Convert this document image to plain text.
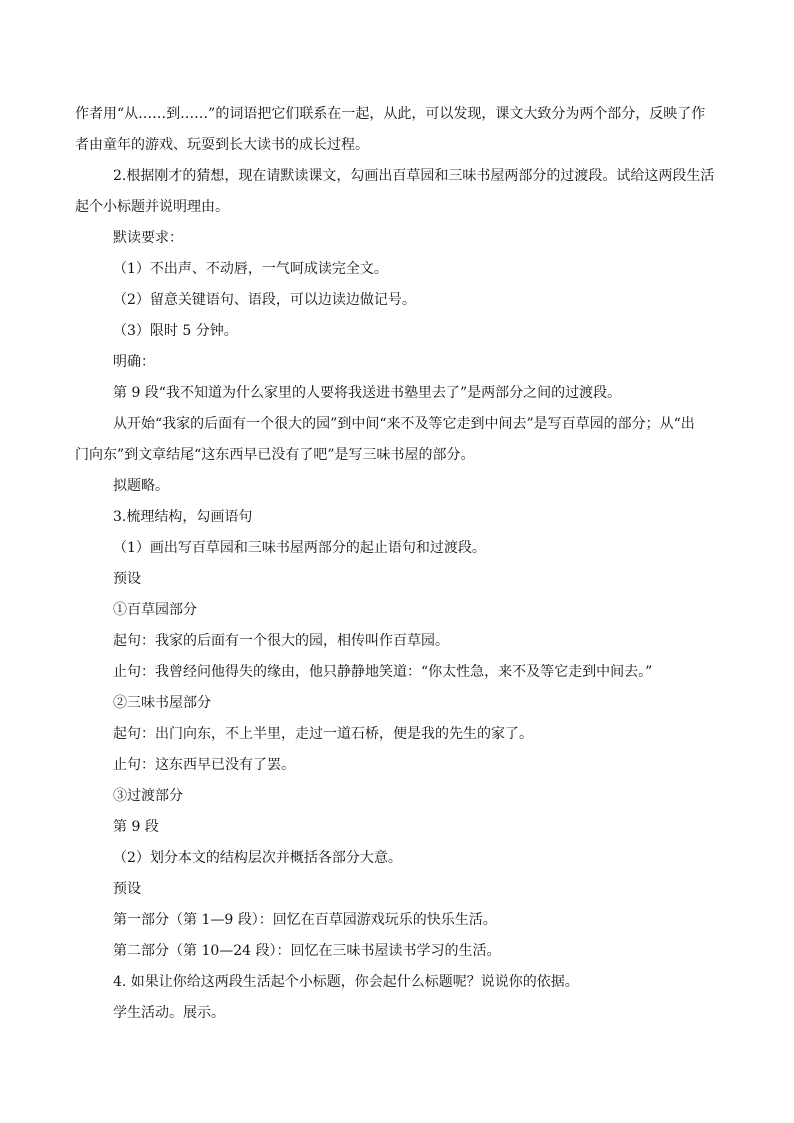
作者用“从……到……”的词语把它们联系在一起，从此，可以发现，课文大致分为两个部分，反映了作
者由童年的游戏、玩耍到长大读书的成长过程。
2.根据刚才的猜想，现在请默读课文，勾画出百草园和三味书屋两部分的过渡段。试给这两段生活
起个小标题并说明理由。
默读要求：
（1）不出声、不动唇，一气呵成读完全文。
（2）留意关键语句、语段，可以边读边做记号。
（3）限时 5 分钟。
明确：
第 9 段“我不知道为什么家里的人要将我送进书塾里去了”是两部分之间的过渡段。
从开始“我家的后面有一个很大的园”到中间“来不及等它走到中间去”是写百草园的部分；从“出
门向东”到文章结尾“这东西早已没有了吧”是写三味书屋的部分。
拟题略。
3.梳理结构，勾画语句
（1）画出写百草园和三味书屋两部分的起止语句和过渡段。
预设
①百草园部分
起句：我家的后面有一个很大的园，相传叫作百草园。
止句：我曾经问他得失的缘由，他只静静地笑道：“你太性急，来不及等它走到中间去。”
②三味书屋部分
起句：出门向东，不上半里，走过一道石桥，便是我的先生的家了。
止句：这东西早已没有了罢。
③过渡部分
第 9 段
（2）划分本文的结构层次并概括各部分大意。
预设
第一部分（第 1—9 段）：回忆在百草园游戏玩乐的快乐生活。
第二部分（第 10—24 段）：回忆在三味书屋读书学习的生活。
4. 如果让你给这两段生活起个小标题，你会起什么标题呢？说说你的依据。
学生活动。展示。
